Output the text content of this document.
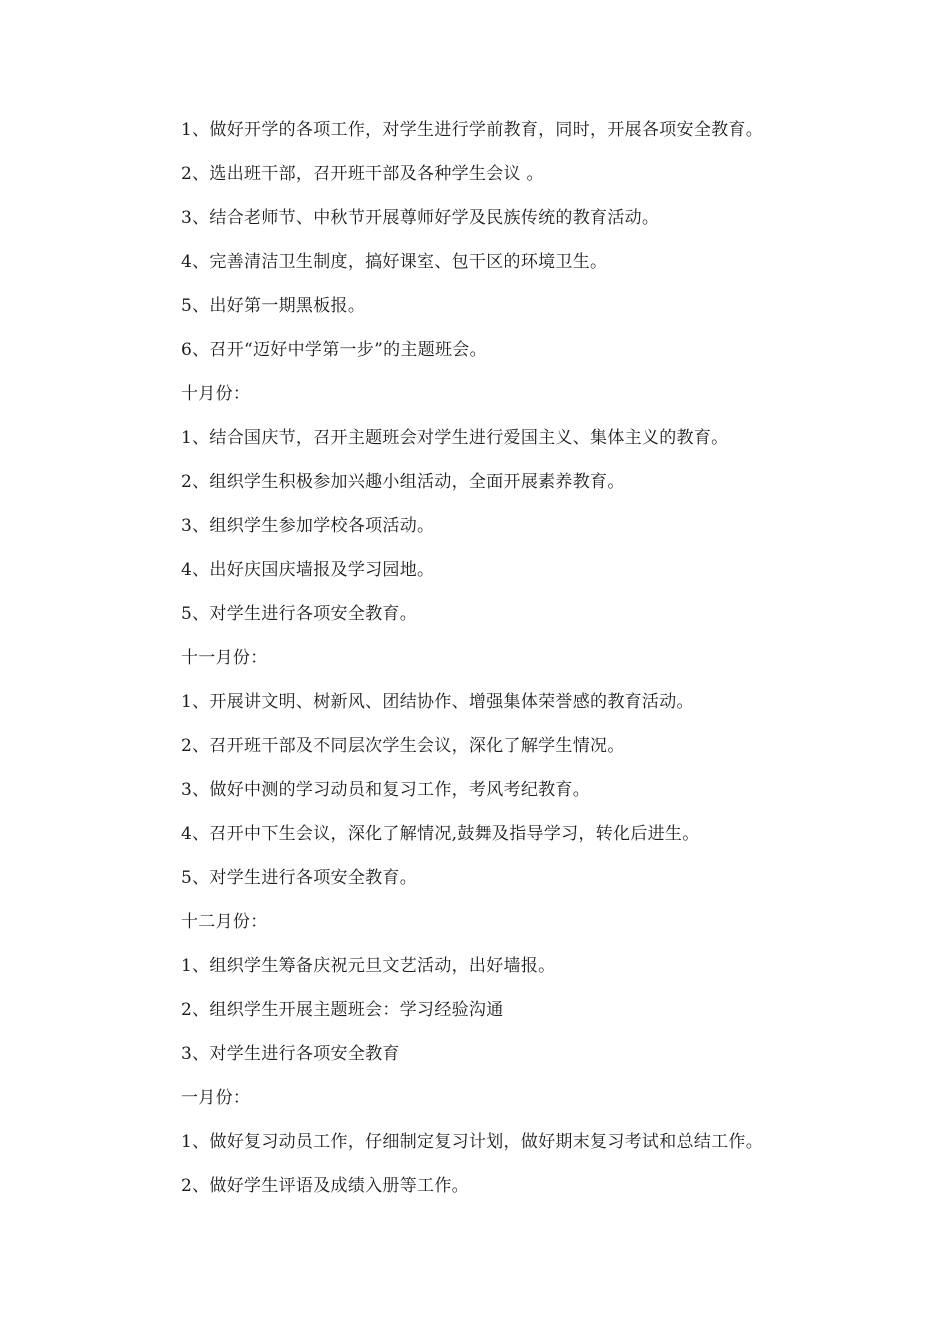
1、做好开学的各项工作，对学生进行学前教育，同时，开展各项安全教育。
2、选出班干部，召开班干部及各种学生会议 。
3、结合老师节、中秋节开展尊师好学及民族传统的教育活动。
4、完善清洁卫生制度，搞好课室、包干区的环境卫生。
5、出好第一期黑板报。
6、召开“迈好中学第一步”的主题班会。
十月份：
1、结合国庆节，召开主题班会对学生进行爱国主义、集体主义的教育。
2、组织学生积极参加兴趣小组活动，全面开展素养教育。
3、组织学生参加学校各项活动。
4、出好庆国庆墙报及学习园地。
5、对学生进行各项安全教育。
十一月份：
1、开展讲文明、树新风、团结协作、增强集体荣誉感的教育活动。
2、召开班干部及不同层次学生会议，深化了解学生情况。
3、做好中测的学习动员和复习工作，考风考纪教育。
4、召开中下生会议，深化了解情况,鼓舞及指导学习，转化后进生。
5、对学生进行各项安全教育。
十二月份：
1、组织学生筹备庆祝元旦文艺活动，出好墙报。
2、组织学生开展主题班会：学习经验沟通
3、对学生进行各项安全教育
一月份：
1、做好复习动员工作，仔细制定复习计划，做好期末复习考试和总结工作。
2、做好学生评语及成绩入册等工作。
